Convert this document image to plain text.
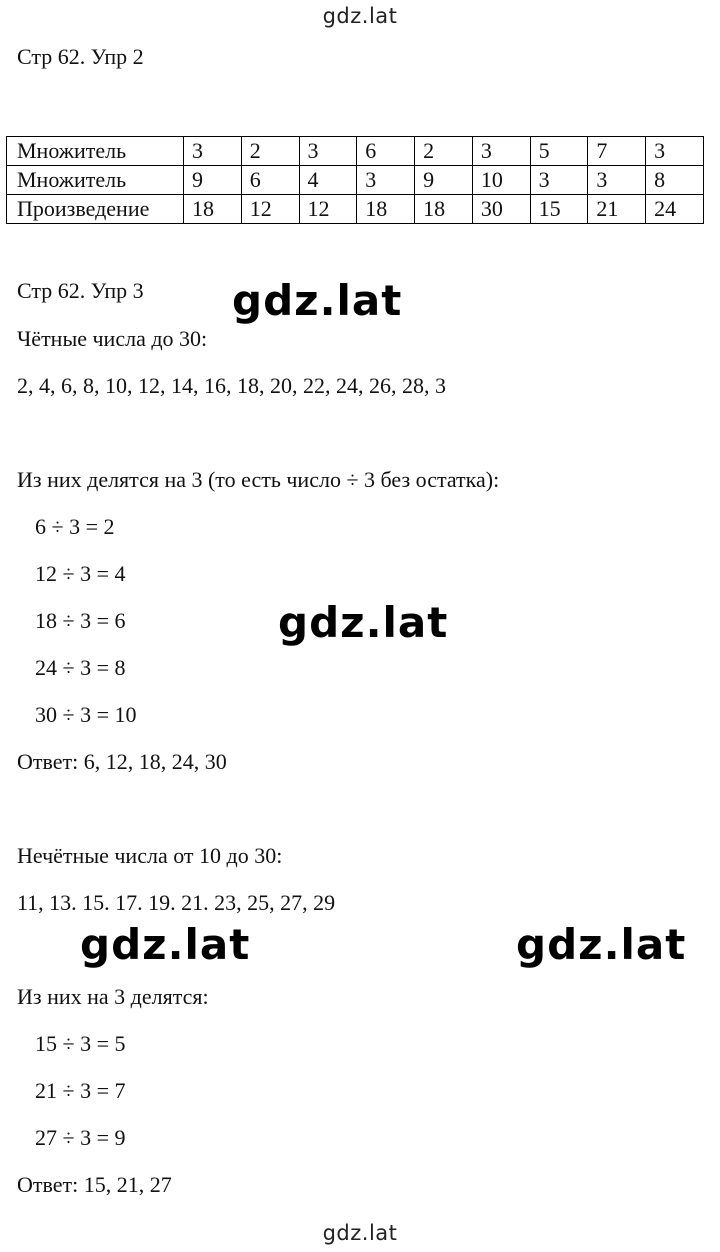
gdz.lat
Стр 62. Упр 2
Множитель	3	2	3	6	2	3	5	7	3
Множитель	9	6	4	3	9	10	3	3	8
Произведение	18	12	12	18	18	30	15	21	24
Стр 62. Упр 3 gdz.lat
Чётные числа до 30:
2, 4, 6, 8, 10, 12, 14, 16, 18, 20, 22, 24, 26, 28, 3
Из них делятся на 3 (то есть число ÷ 3 без остатка):
6 ÷ 3 = 2
12 ÷ 3 = 4
18 ÷ 3 = 6	gdz.lat
24 ÷ 3 = 8
30 ÷ 3 = 10
Ответ: 6, 12, 18, 24, 30
Нечётные числа от 10 до 30:
11, 13. 15. 17. 19. 21. 23, 25, 27, 29
gdz.lat	gdz.lat
Из них на 3 делятся:
15 ÷ 3 = 5
21 ÷ 3 = 7
27 ÷ 3 = 9
Ответ: 15, 21, 27
gdz.lat
